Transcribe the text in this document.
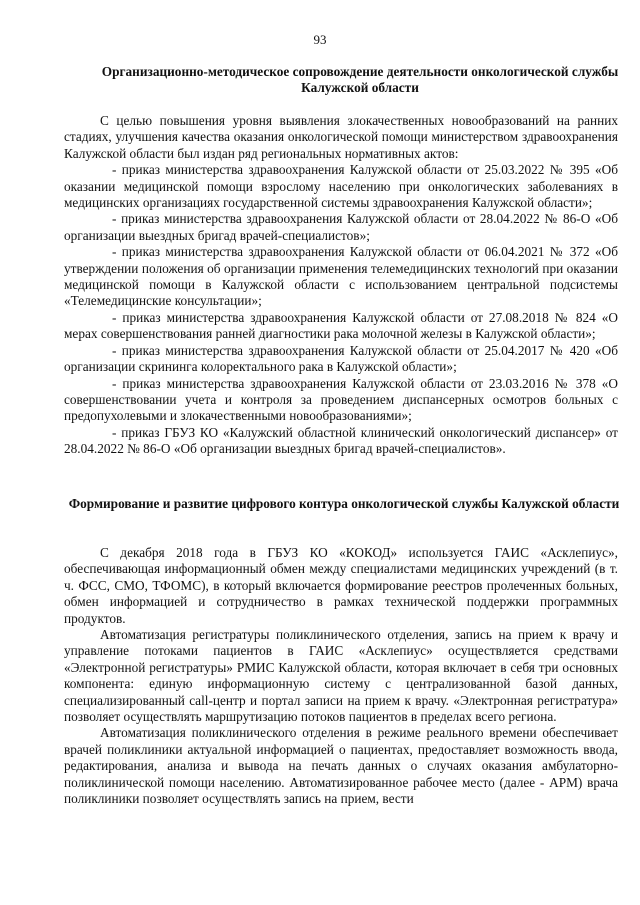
93
Организационно-методическое сопровождение деятельности онкологической службы Калужской области

С целью повышения уровня выявления злокачественных новообразований на ранних стадиях, улучшения качества оказания онкологической помощи министерством здравоохранения Калужской области был издан ряд региональных нормативных актов:

- приказ министерства здравоохранения Калужской области от 25.03.2022 № 395 «Об оказании медицинской помощи взрослому населению при онкологических заболеваниях в медицинских организациях государственной системы здравоохранения Калужской области»;

- приказ министерства здравоохранения Калужской области от 28.04.2022 № 86-О «Об организации выездных бригад врачей-специалистов»;

- приказ министерства здравоохранения Калужской области от 06.04.2021 № 372 «Об утверждении положения об организации применения телемедицинских технологий при оказании медицинской помощи в Калужской области с использованием центральной подсистемы «Телемедицинские консультации»;

- приказ министерства здравоохранения Калужской области от 27.08.2018 № 824 «О мерах совершенствования ранней диагностики рака молочной железы в Калужской области»;

- приказ министерства здравоохранения Калужской области от 25.04.2017 № 420 «Об организации скрининга колоректального рака в Калужской области»;

- приказ министерства здравоохранения Калужской области от 23.03.2016 № 378 «О совершенствовании учета и контроля за проведением диспансерных осмотров больных с предопухолевыми и злокачественными новообразованиями»;

- приказ ГБУЗ КО «Калужский областной клинический онкологический диспансер» от 28.04.2022 № 86-О «Об организации выездных бригад врачей-специалистов».

Формирование и развитие цифрового контура онкологической службы Калужской области

С декабря 2018 года в ГБУЗ КО «КОКОД» используется ГАИС «Асклепиус», обеспечивающая информационный обмен между специалистами медицинских учреждений (в т. ч. ФСС, СМО, ТФОМС), в который включается формирование реестров пролеченных больных, обмен информацией и сотрудничество в рамках технической поддержки программных продуктов.

Автоматизация регистратуры поликлинического отделения, запись на прием к врачу и управление потоками пациентов в ГАИС «Асклепиус» осуществляется средствами «Электронной регистратуры» РМИС Калужской области, которая включает в себя три основных компонента: единую информационную систему с централизованной базой данных, специализированный call-центр и портал записи на прием к врачу. «Электронная регистратура» позволяет осуществлять маршрутизацию потоков пациентов в пределах всего региона.

Автоматизация поликлинического отделения в режиме реального времени обеспечивает врачей поликлиники актуальной информацией о пациентах, предоставляет возможность ввода, редактирования, анализа и вывода на печать данных о случаях оказания амбулаторно-поликлинической помощи населению. Автоматизированное рабочее место (далее - АРМ) врача поликлиники позволяет осуществлять запись на прием, вести
